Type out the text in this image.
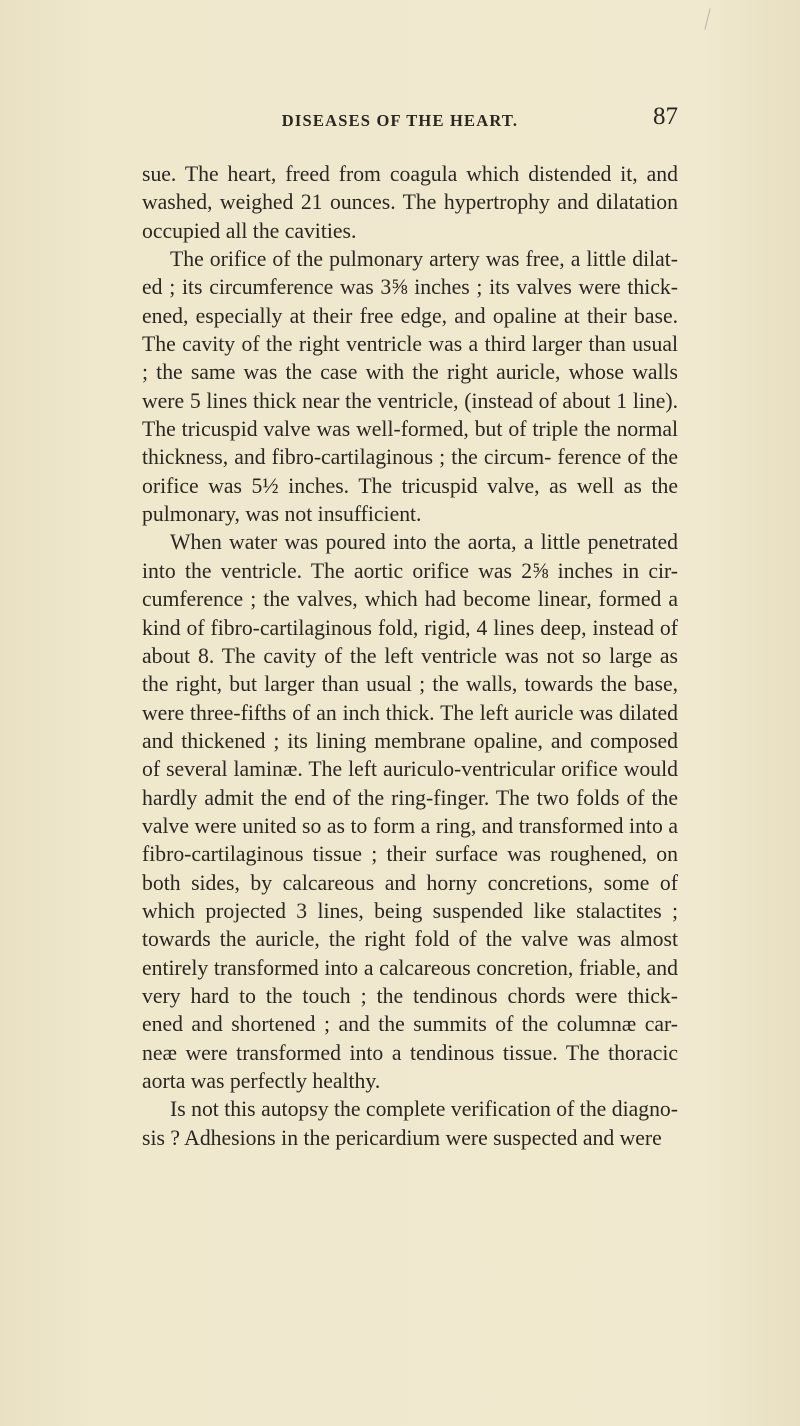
DISEASES OF THE HEART.	87

sue. The heart, freed from coagula which distended it, and washed, weighed 21 ounces. The hypertrophy and dilatation occupied all the cavities.

The orifice of the pulmonary artery was free, a little dilat- ed ; its circumference was 3⅝ inches ; its valves were thick- ened, especially at their free edge, and opaline at their base. The cavity of the right ventricle was a third larger than usual ; the same was the case with the right auricle, whose walls were 5 lines thick near the ventricle, (instead of about 1 line). The tricuspid valve was well-formed, but of triple the normal thickness, and fibro-cartilaginous ; the circum- ference of the orifice was 5½ inches. The tricuspid valve, as well as the pulmonary, was not insufficient.

When water was poured into the aorta, a little penetrated into the ventricle. The aortic orifice was 2⅝ inches in cir- cumference ; the valves, which had become linear, formed a kind of fibro-cartilaginous fold, rigid, 4 lines deep, instead of about 8. The cavity of the left ventricle was not so large as the right, but larger than usual ; the walls, towards the base, were three-fifths of an inch thick. The left auricle was dilated and thickened ; its lining membrane opaline, and composed of several laminæ. The left auriculo-ventricular orifice would hardly admit the end of the ring-finger. The two folds of the valve were united so as to form a ring, and transformed into a fibro-cartilaginous tissue ; their surface was roughened, on both sides, by calcareous and horny concretions, some of which projected 3 lines, being suspended like stalactites ; towards the auricle, the right fold of the valve was almost entirely transformed into a calcareous concretion, friable, and very hard to the touch ; the tendinous chords were thick- ened and shortened ; and the summits of the columnæ car- neæ were transformed into a tendinous tissue. The thoracic aorta was perfectly healthy.

Is not this autopsy the complete verification of the diagno- sis ? Adhesions in the pericardium were suspected and were
